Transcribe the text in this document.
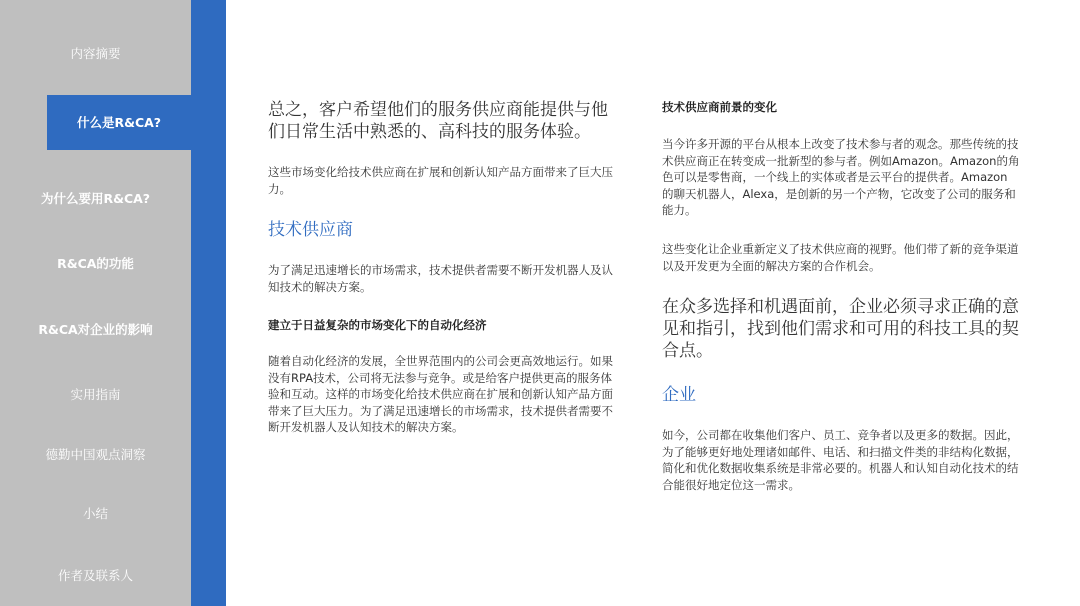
内容摘要
什么是R&CA?
为什么要用R&CA?
R&CA的功能
R&CA对企业的影响
实用指南
德勤中国观点洞察
小结
作者及联系人

总之，客户希望他们的服务供应商能提供与他们日常生活中熟悉的、高科技的服务体验。

这些市场变化给技术供应商在扩展和创新认知产品方面带来了巨大压力。

技术供应商

为了满足迅速增长的市场需求，技术提供者需要不断开发机器人及认知技术的解决方案。

建立于日益复杂的市场变化下的自动化经济

随着自动化经济的发展，全世界范围内的公司会更高效地运行。如果没有RPA技术，公司将无法参与竞争。或是给客户提供更高的服务体验和互动。这样的市场变化给技术供应商在扩展和创新认知产品方面带来了巨大压力。为了满足迅速增长的市场需求，技术提供者需要不断开发机器人及认知技术的解决方案。

技术供应商前景的变化

当今许多开源的平台从根本上改变了技术参与者的观念。那些传统的技术供应商正在转变成一批新型的参与者。例如Amazon。Amazon的角色可以是零售商，一个线上的实体或者是云平台的提供者。Amazon 的聊天机器人，Alexa，是创新的另一个产物，它改变了公司的服务和能力。

这些变化让企业重新定义了技术供应商的视野。他们带了新的竞争渠道以及开发更为全面的解决方案的合作机会。

在众多选择和机遇面前，企业必须寻求正确的意见和指引，找到他们需求和可用的科技工具的契合点。

企业

如今，公司都在收集他们客户、员工、竞争者以及更多的数据。因此，为了能够更好地处理诸如邮件、电话、和扫描文件类的非结构化数据，简化和优化数据收集系统是非常必要的。机器人和认知自动化技术的结合能很好地定位这一需求。
